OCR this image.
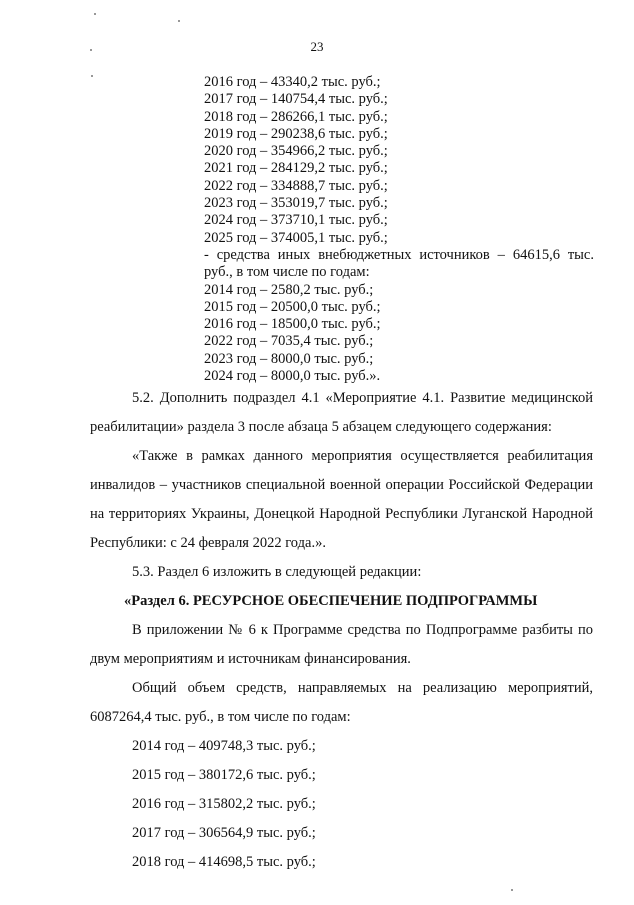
23
2016 год – 43340,2 тыс. руб.;
2017 год – 140754,4 тыс. руб.;
2018 год – 286266,1 тыс. руб.;
2019 год – 290238,6 тыс. руб.;
2020 год – 354966,2 тыс. руб.;
2021 год – 284129,2 тыс. руб.;
2022 год – 334888,7 тыс. руб.;
2023 год – 353019,7 тыс. руб.;
2024 год – 373710,1 тыс. руб.;
2025 год – 374005,1 тыс. руб.;
- средства иных внебюджетных источников – 64615,6 тыс.
руб., в том числе по годам:
2014 год – 2580,2 тыс. руб.;
2015 год – 20500,0 тыс. руб.;
2016 год – 18500,0 тыс. руб.;
2022 год – 7035,4 тыс. руб.;
2023 год – 8000,0 тыс. руб.;
2024 год – 8000,0 тыс. руб.».

5.2. Дополнить подраздел 4.1 «Мероприятие 4.1. Развитие медицинской реабилитации» раздела 3 после абзаца 5 абзацем следующего содержания:

«Также в рамках данного мероприятия осуществляется реабилитация инвалидов – участников специальной военной операции Российской Федерации на территориях Украины, Донецкой Народной Республики Луганской Народной Республики: с 24 февраля 2022 года.».

5.3. Раздел 6 изложить в следующей редакции:

«Раздел 6. РЕСУРСНОЕ ОБЕСПЕЧЕНИЕ ПОДПРОГРАММЫ

В приложении № 6 к Программе средства по Подпрограмме разбиты по двум мероприятиям и источникам финансирования.

Общий объем средств, направляемых на реализацию мероприятий, 6087264,4 тыс. руб., в том числе по годам:

2014 год – 409748,3 тыс. руб.;
2015 год – 380172,6 тыс. руб.;
2016 год – 315802,2 тыс. руб.;
2017 год – 306564,9 тыс. руб.;
2018 год – 414698,5 тыс. руб.;
